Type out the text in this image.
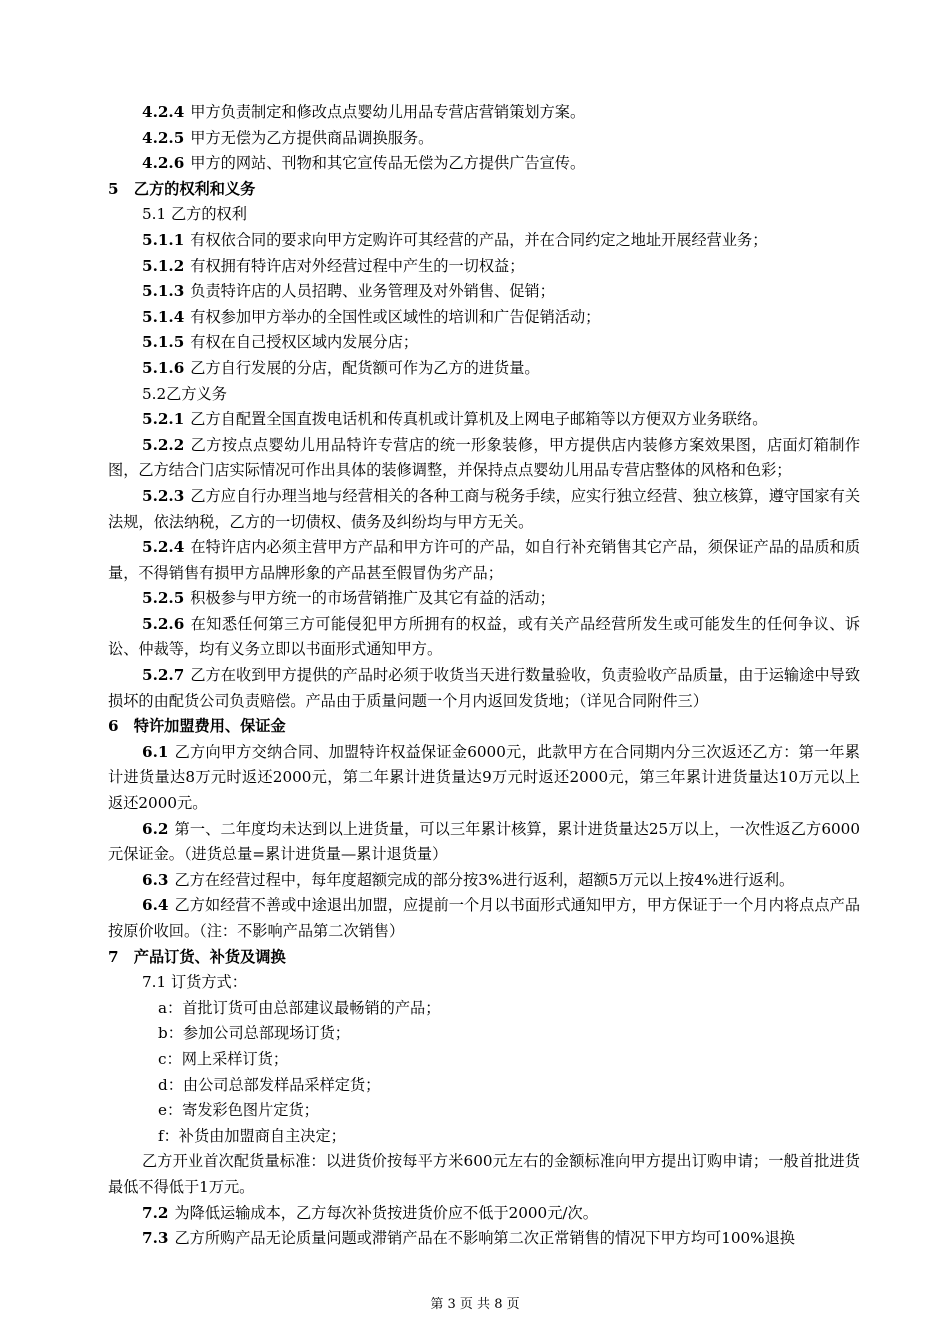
4.2.4 甲方负责制定和修改点点婴幼儿用品专营店营销策划方案。
4.2.5 甲方无偿为乙方提供商品调换服务。
4.2.6 甲方的网站、刊物和其它宣传品无偿为乙方提供广告宣传。
5　乙方的权利和义务
5.1 乙方的权利
5.1.1 有权依合同的要求向甲方定购许可其经营的产品，并在合同约定之地址开展经营业务；
5.1.2 有权拥有特许店对外经营过程中产生的一切权益；
5.1.3 负责特许店的人员招聘、业务管理及对外销售、促销；
5.1.4 有权参加甲方举办的全国性或区域性的培训和广告促销活动；
5.1.5 有权在自己授权区域内发展分店；
5.1.6 乙方自行发展的分店，配货额可作为乙方的进货量。
5.2乙方义务
5.2.1 乙方自配置全国直拨电话机和传真机或计算机及上网电子邮箱等以方便双方业务联络。
5.2.2 乙方按点点婴幼儿用品特许专营店的统一形象装修，甲方提供店内装修方案效果图，店面灯箱制作图，乙方结合门店实际情况可作出具体的装修调整，并保持点点婴幼儿用品专营店整体的风格和色彩；
5.2.3 乙方应自行办理当地与经营相关的各种工商与税务手续，应实行独立经营、独立核算，遵守国家有关法规，依法纳税，乙方的一切债权、债务及纠纷均与甲方无关。
5.2.4 在特许店内必须主营甲方产品和甲方许可的产品，如自行补充销售其它产品，须保证产品的品质和质量，不得销售有损甲方品牌形象的产品甚至假冒伪劣产品；
5.2.5 积极参与甲方统一的市场营销推广及其它有益的活动；
5.2.6 在知悉任何第三方可能侵犯甲方所拥有的权益，或有关产品经营所发生或可能发生的任何争议、诉讼、仲裁等，均有义务立即以书面形式通知甲方。
5.2.7 乙方在收到甲方提供的产品时必须于收货当天进行数量验收，负责验收产品质量，由于运输途中导致损坏的由配货公司负责赔偿。产品由于质量问题一个月内返回发货地；（详见合同附件三）
6　特许加盟费用、保证金
6.1 乙方向甲方交纳合同、加盟特许权益保证金6000元，此款甲方在合同期内分三次返还乙方：第一年累计进货量达8万元时返还2000元，第二年累计进货量达9万元时返还2000元，第三年累计进货量达10万元以上返还2000元。
6.2 第一、二年度均未达到以上进货量，可以三年累计核算，累计进货量达25万以上，一次性返乙方6000元保证金。（进货总量=累计进货量—累计退货量）
6.3 乙方在经营过程中，每年度超额完成的部分按3%进行返利，超额5万元以上按4%进行返利。
6.4 乙方如经营不善或中途退出加盟，应提前一个月以书面形式通知甲方，甲方保证于一个月内将点点产品按原价收回。（注：不影响产品第二次销售）
7　产品订货、补货及调换
7.1 订货方式：
a：首批订货可由总部建议最畅销的产品；
b：参加公司总部现场订货；
c：网上采样订货；
d：由公司总部发样品采样定货；
e：寄发彩色图片定货；
f：补货由加盟商自主决定；
乙方开业首次配货量标准：以进货价按每平方米600元左右的金额标准向甲方提出订购申请；一般首批进货最低不得低于1万元。
7.2 为降低运输成本，乙方每次补货按进货价应不低于2000元/次。
7.3 乙方所购产品无论质量问题或滞销产品在不影响第二次正常销售的情况下甲方均可100%退换
第 3 页 共 8 页
